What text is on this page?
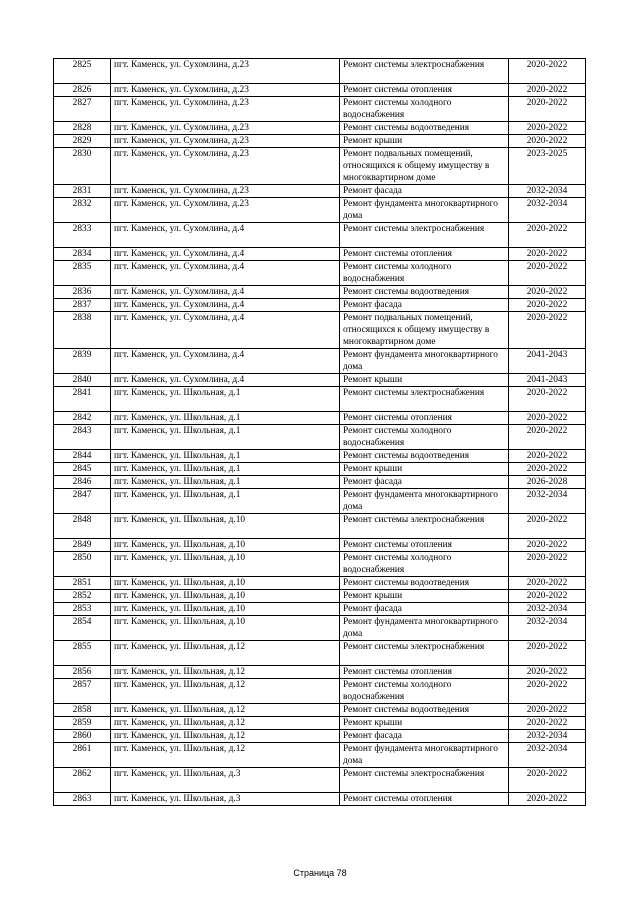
2825	пгт. Каменск, ул. Сухомлина, д.23	Ремонт системы электроснабжения	2020-2022
2826	пгт. Каменск, ул. Сухомлина, д.23	Ремонт системы отопления	2020-2022
2827	пгт. Каменск, ул. Сухомлина, д.23	Ремонт системы холодного водоснабжения	2020-2022
2828	пгт. Каменск, ул. Сухомлина, д.23	Ремонт системы водоотведения	2020-2022
2829	пгт. Каменск, ул. Сухомлина, д.23	Ремонт крыши	2020-2022
2830	пгт. Каменск, ул. Сухомлина, д.23	Ремонт подвальных помещений, относящихся к общему имуществу в многоквартирном доме	2023-2025
2831	пгт. Каменск, ул. Сухомлина, д.23	Ремонт фасада	2032-2034
2832	пгт. Каменск, ул. Сухомлина, д.23	Ремонт фундамента многоквартирного дома	2032-2034
2833	пгт. Каменск, ул. Сухомлина, д.4	Ремонт системы электроснабжения	2020-2022
2834	пгт. Каменск, ул. Сухомлина, д.4	Ремонт системы отопления	2020-2022
2835	пгт. Каменск, ул. Сухомлина, д.4	Ремонт системы холодного водоснабжения	2020-2022
2836	пгт. Каменск, ул. Сухомлина, д.4	Ремонт системы водоотведения	2020-2022
2837	пгт. Каменск, ул. Сухомлина, д.4	Ремонт фасада	2020-2022
2838	пгт. Каменск, ул. Сухомлина, д.4	Ремонт подвальных помещений, относящихся к общему имуществу в многоквартирном доме	2020-2022
2839	пгт. Каменск, ул. Сухомлина, д.4	Ремонт фундамента многоквартирного дома	2041-2043
2840	пгт. Каменск, ул. Сухомлина, д.4	Ремонт крыши	2041-2043
2841	пгт. Каменск, ул. Школьная, д.1	Ремонт системы электроснабжения	2020-2022
2842	пгт. Каменск, ул. Школьная, д.1	Ремонт системы отопления	2020-2022
2843	пгт. Каменск, ул. Школьная, д.1	Ремонт системы холодного водоснабжения	2020-2022
2844	пгт. Каменск, ул. Школьная, д.1	Ремонт системы водоотведения	2020-2022
2845	пгт. Каменск, ул. Школьная, д.1	Ремонт крыши	2020-2022
2846	пгт. Каменск, ул. Школьная, д.1	Ремонт фасада	2026-2028
2847	пгт. Каменск, ул. Школьная, д.1	Ремонт фундамента многоквартирного дома	2032-2034
2848	пгт. Каменск, ул. Школьная, д.10	Ремонт системы электроснабжения	2020-2022
2849	пгт. Каменск, ул. Школьная, д.10	Ремонт системы отопления	2020-2022
2850	пгт. Каменск, ул. Школьная, д.10	Ремонт системы холодного водоснабжения	2020-2022
2851	пгт. Каменск, ул. Школьная, д.10	Ремонт системы водоотведения	2020-2022
2852	пгт. Каменск, ул. Школьная, д.10	Ремонт крыши	2020-2022
2853	пгт. Каменск, ул. Школьная, д.10	Ремонт фасада	2032-2034
2854	пгт. Каменск, ул. Школьная, д.10	Ремонт фундамента многоквартирного дома	2032-2034
2855	пгт. Каменск, ул. Школьная, д.12	Ремонт системы электроснабжения	2020-2022
2856	пгт. Каменск, ул. Школьная, д.12	Ремонт системы отопления	2020-2022
2857	пгт. Каменск, ул. Школьная, д.12	Ремонт системы холодного водоснабжения	2020-2022
2858	пгт. Каменск, ул. Школьная, д.12	Ремонт системы водоотведения	2020-2022
2859	пгт. Каменск, ул. Школьная, д.12	Ремонт крыши	2020-2022
2860	пгт. Каменск, ул. Школьная, д.12	Ремонт фасада	2032-2034
2861	пгт. Каменск, ул. Школьная, д.12	Ремонт фундамента многоквартирного дома	2032-2034
2862	пгт. Каменск, ул. Школьная, д.3	Ремонт системы электроснабжения	2020-2022
2863	пгт. Каменск, ул. Школьная, д.3	Ремонт системы отопления	2020-2022
Страница 78
